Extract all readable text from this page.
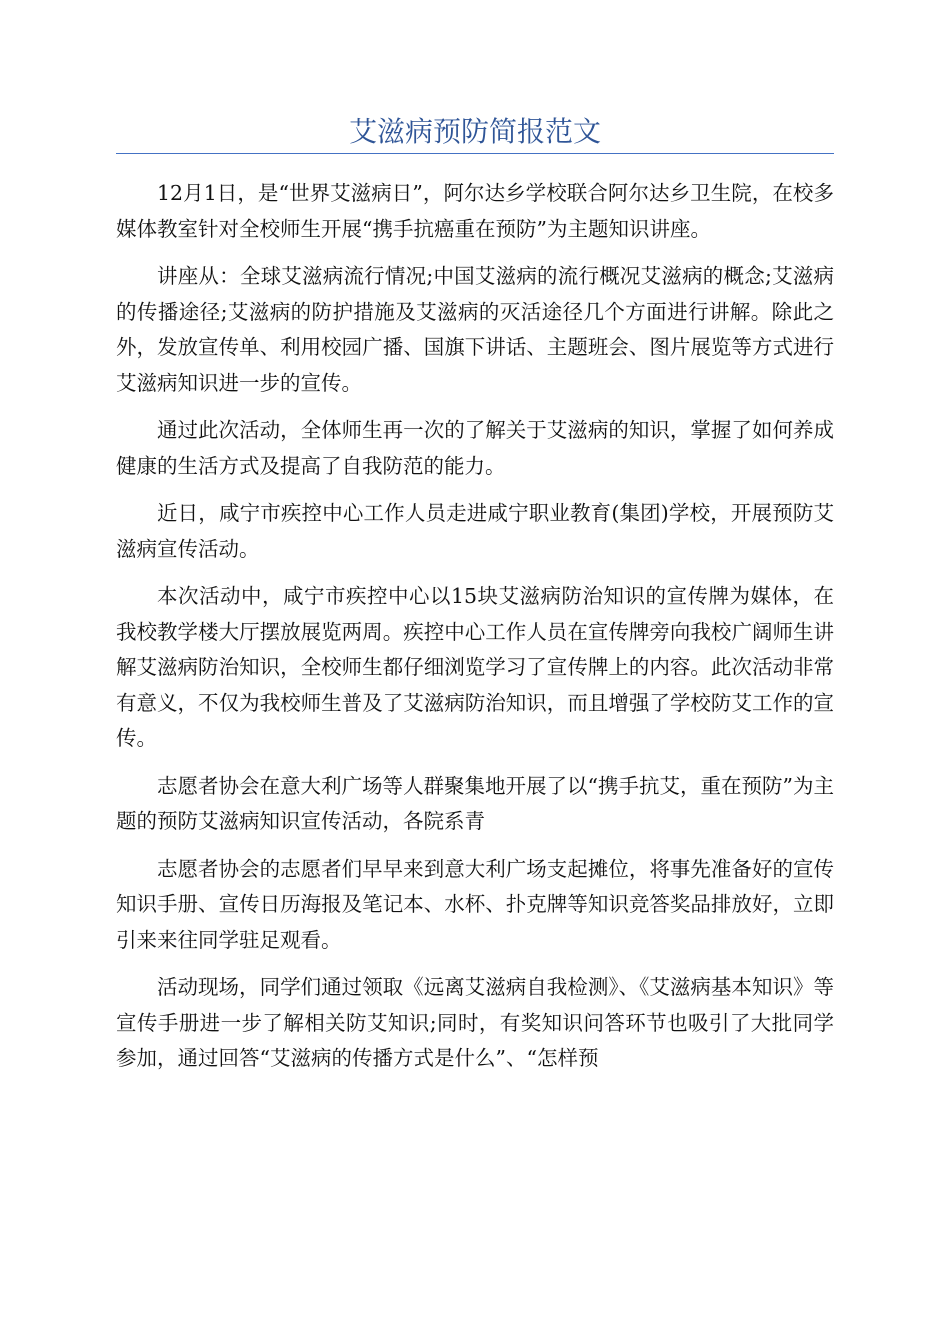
艾滋病预防简报范文

12月1日，是“世界艾滋病日”，阿尔达乡学校联合阿尔达乡卫生院，在校多媒体教室针对全校师生开展“携手抗癌重在预防”为主题知识讲座。

讲座从：全球艾滋病流行情况;中国艾滋病的流行概况艾滋病的概念;艾滋病的传播途径;艾滋病的防护措施及艾滋病的灭活途径几个方面进行讲解。除此之外，发放宣传单、利用校园广播、国旗下讲话、主题班会、图片展览等方式进行艾滋病知识进一步的宣传。

通过此次活动，全体师生再一次的了解关于艾滋病的知识，掌握了如何养成健康的生活方式及提高了自我防范的能力。

近日，咸宁市疾控中心工作人员走进咸宁职业教育(集团)学校，开展预防艾滋病宣传活动。

本次活动中，咸宁市疾控中心以15块艾滋病防治知识的宣传牌为媒体，在我校教学楼大厅摆放展览两周。疾控中心工作人员在宣传牌旁向我校广阔师生讲解艾滋病防治知识，全校师生都仔细浏览学习了宣传牌上的内容。此次活动非常有意义，不仅为我校师生普及了艾滋病防治知识，而且增强了学校防艾工作的宣传。

志愿者协会在意大利广场等人群聚集地开展了以“携手抗艾，重在预防”为主题的预防艾滋病知识宣传活动，各院系青

志愿者协会的志愿者们早早来到意大利广场支起摊位，将事先准备好的宣传知识手册、宣传日历海报及笔记本、水杯、扑克牌等知识竞答奖品排放好，立即引来来往同学驻足观看。

活动现场，同学们通过领取《远离艾滋病自我检测》、《艾滋病基本知识》等宣传手册进一步了解相关防艾知识;同时，有奖知识问答环节也吸引了大批同学参加，通过回答“艾滋病的传播方式是什么”、“怎样预
